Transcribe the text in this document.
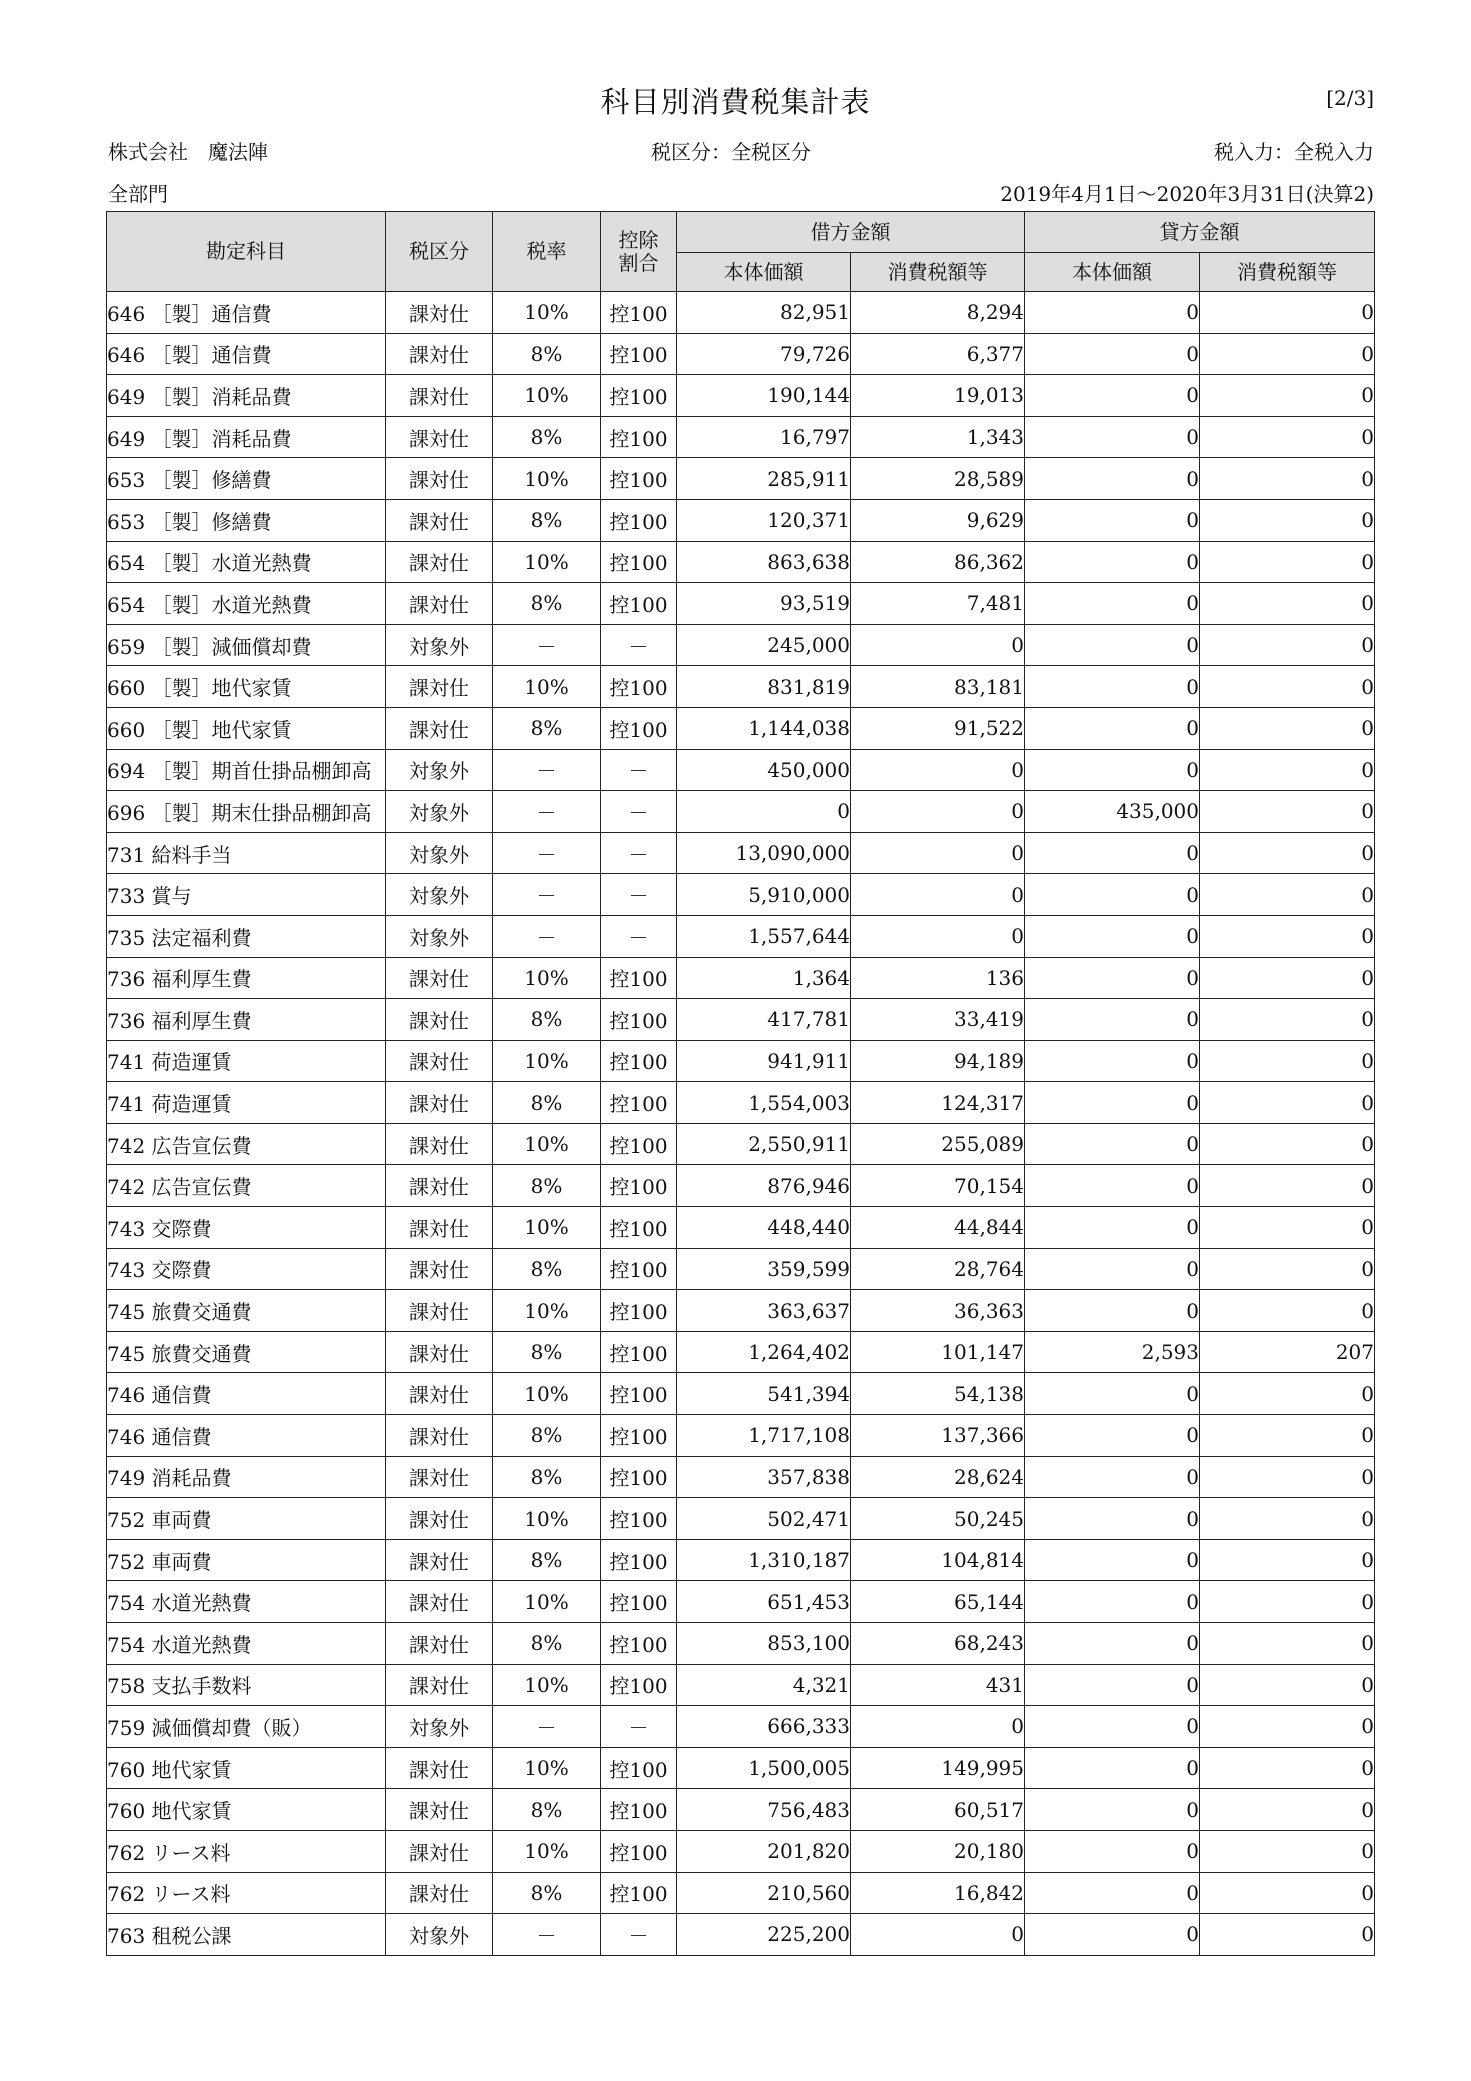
科目別消費税集計表	[2/3]
株式会社　魔法陣	税区分：全税区分	税入力：全税入力
全部門	2019年4月1日～2020年3月31日(決算2)
勘定科目	税区分	税率	控除
割合	借方金額		貸方金額	
				本体価額	消費税額等	本体価額	消費税額等
646 ［製］通信費	課対仕	10%	控100	82,951	8,294	0	0
646 ［製］通信費	課対仕	8%	控100	79,726	6,377	0	0
649 ［製］消耗品費	課対仕	10%	控100	190,144	19,013	0	0
649 ［製］消耗品費	課対仕	8%	控100	16,797	1,343	0	0
653 ［製］修繕費	課対仕	10%	控100	285,911	28,589	0	0
653 ［製］修繕費	課対仕	8%	控100	120,371	9,629	0	0
654 ［製］水道光熱費	課対仕	10%	控100	863,638	86,362	0	0
654 ［製］水道光熱費	課対仕	8%	控100	93,519	7,481	0	0
659 ［製］減価償却費	対象外	－	－	245,000	0	0	0
660 ［製］地代家賃	課対仕	10%	控100	831,819	83,181	0	0
660 ［製］地代家賃	課対仕	8%	控100	1,144,038	91,522	0	0
694 ［製］期首仕掛品棚卸高	対象外	－	－	450,000	0	0	0
696 ［製］期末仕掛品棚卸高	対象外	－	－	0	0	435,000	0
731 給料手当	対象外	－	－	13,090,000	0	0	0
733 賞与	対象外	－	－	5,910,000	0	0	0
735 法定福利費	対象外	－	－	1,557,644	0	0	0
736 福利厚生費	課対仕	10%	控100	1,364	136	0	0
736 福利厚生費	課対仕	8%	控100	417,781	33,419	0	0
741 荷造運賃	課対仕	10%	控100	941,911	94,189	0	0
741 荷造運賃	課対仕	8%	控100	1,554,003	124,317	0	0
742 広告宣伝費	課対仕	10%	控100	2,550,911	255,089	0	0
742 広告宣伝費	課対仕	8%	控100	876,946	70,154	0	0
743 交際費	課対仕	10%	控100	448,440	44,844	0	0
743 交際費	課対仕	8%	控100	359,599	28,764	0	0
745 旅費交通費	課対仕	10%	控100	363,637	36,363	0	0
745 旅費交通費	課対仕	8%	控100	1,264,402	101,147	2,593	207
746 通信費	課対仕	10%	控100	541,394	54,138	0	0
746 通信費	課対仕	8%	控100	1,717,108	137,366	0	0
749 消耗品費	課対仕	8%	控100	357,838	28,624	0	0
752 車両費	課対仕	10%	控100	502,471	50,245	0	0
752 車両費	課対仕	8%	控100	1,310,187	104,814	0	0
754 水道光熱費	課対仕	10%	控100	651,453	65,144	0	0
754 水道光熱費	課対仕	8%	控100	853,100	68,243	0	0
758 支払手数料	課対仕	10%	控100	4,321	431	0	0
759 減価償却費（販）	対象外	－	－	666,333	0	0	0
760 地代家賃	課対仕	10%	控100	1,500,005	149,995	0	0
760 地代家賃	課対仕	8%	控100	756,483	60,517	0	0
762 リース料	課対仕	10%	控100	201,820	20,180	0	0
762 リース料	課対仕	8%	控100	210,560	16,842	0	0
763 租税公課	対象外	－	－	225,200	0	0	0
